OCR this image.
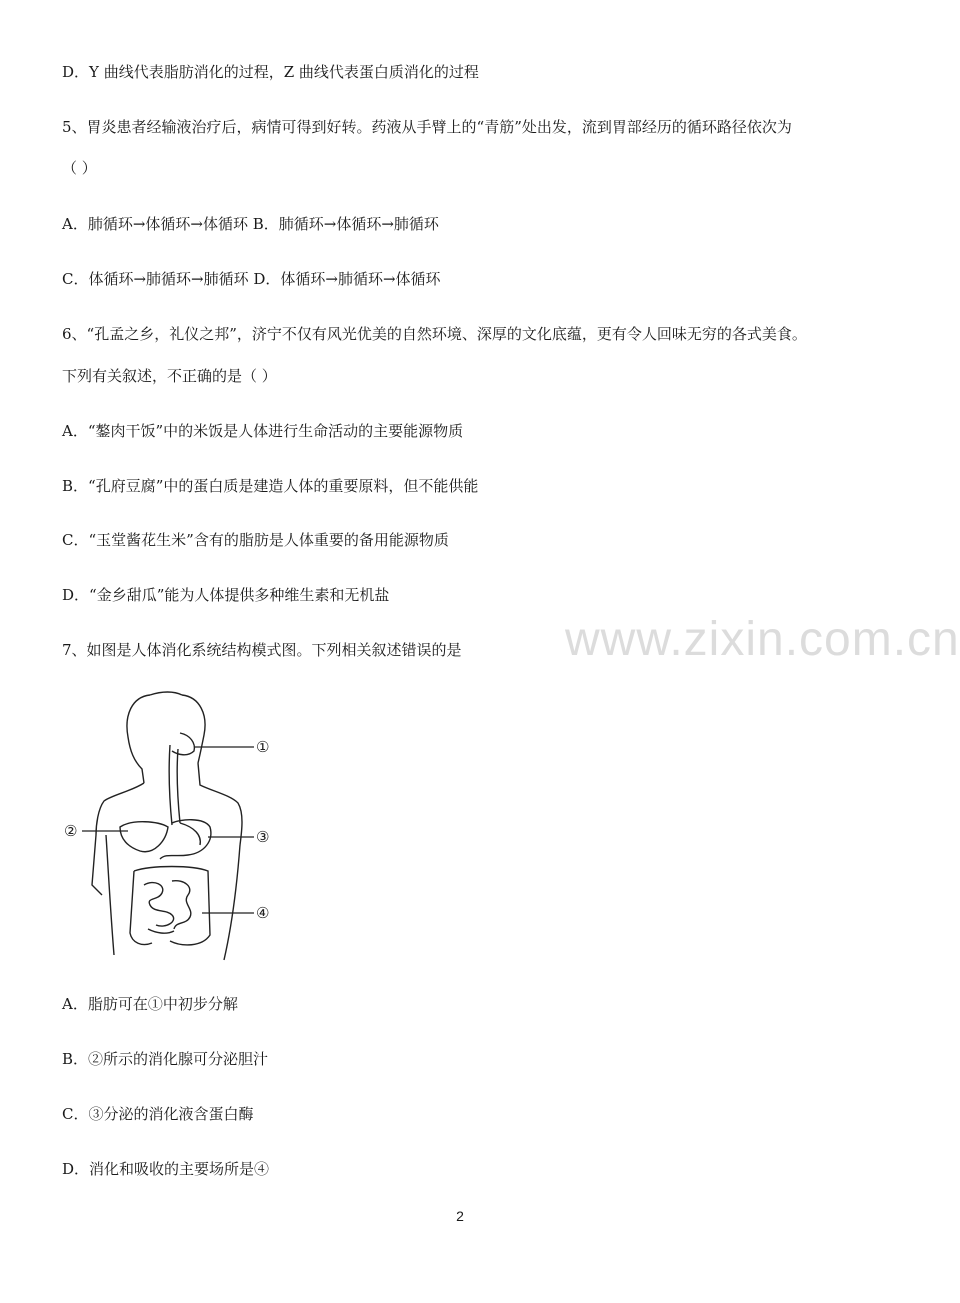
D．Y 曲线代表脂肪消化的过程，Z 曲线代表蛋白质消化的过程
5、胃炎患者经输液治疗后，病情可得到好转。药液从手臂上的“青筋”处出发，流到胃部经历的循环路径依次为
（ ）
A．肺循环→体循环→体循环 B．肺循环→体循环→肺循环
C．体循环→肺循环→肺循环 D．体循环→肺循环→体循环
6、“孔孟之乡，礼仪之邦”，济宁不仅有风光优美的自然环境、深厚的文化底蕴，更有令人回味无穷的各式美食。
下列有关叙述，不正确的是（ ）
A．“鏊肉干饭”中的米饭是人体进行生命活动的主要能源物质
B．“孔府豆腐”中的蛋白质是建造人体的重要原料，但不能供能
C．“玉堂酱花生米”含有的脂肪是人体重要的备用能源物质
D．“金乡甜瓜”能为人体提供多种维生素和无机盐
7、如图是人体消化系统结构模式图。下列相关叙述错误的是
A．脂肪可在①中初步分解
B．②所示的消化腺可分泌胆汁
C．③分泌的消化液含蛋白酶
D．消化和吸收的主要场所是④
www.zixin.com.cn
①
②	③
④
2
